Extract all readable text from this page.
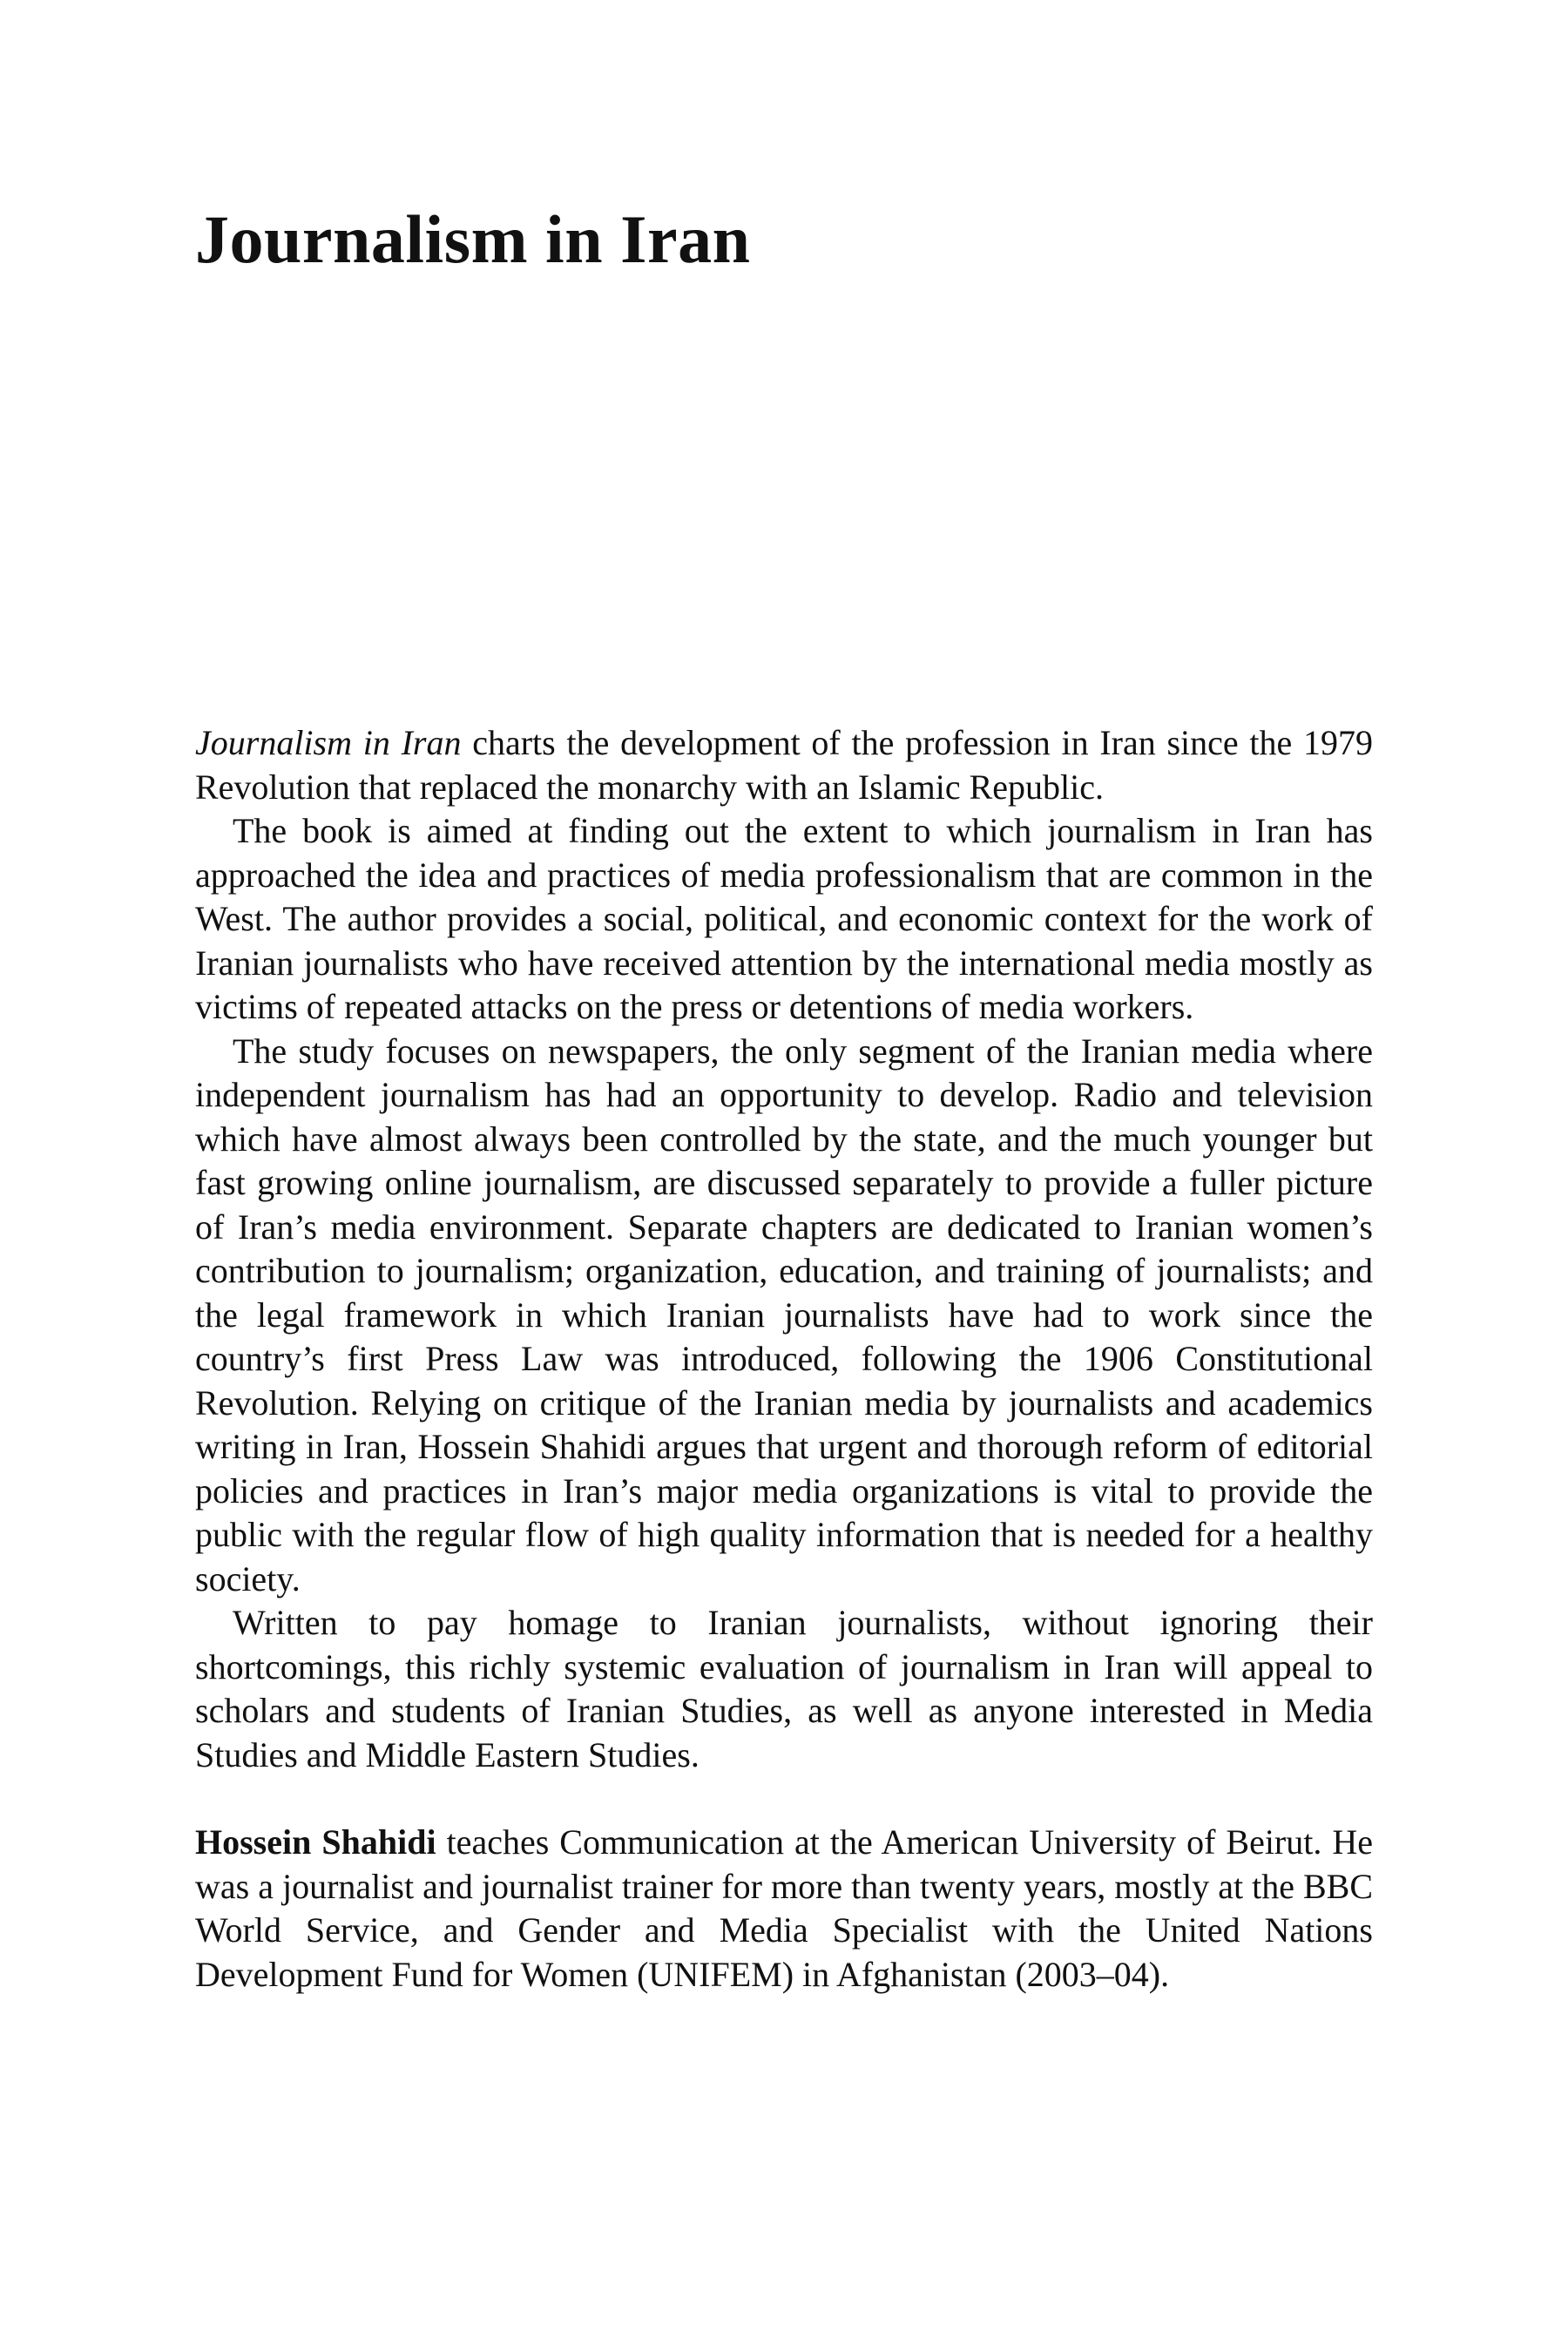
Journalism in Iran

Journalism in Iran charts the development of the profession in Iran since the 1979 Revolution that replaced the monarchy with an Islamic Republic.

The book is aimed at finding out the extent to which journalism in Iran has approached the idea and practices of media professionalism that are common in the West. The author provides a social, political, and economic context for the work of Iranian journalists who have received attention by the international media mostly as victims of repeated attacks on the press or detentions of media workers.

The study focuses on newspapers, the only segment of the Iranian media where independent journalism has had an opportunity to develop. Radio and television which have almost always been controlled by the state, and the much younger but fast growing online journalism, are discussed separately to provide a fuller picture of Iran’s media environment. Separate chapters are dedicated to Iranian women’s contribution to journalism; organization, education, and training of journalists; and the legal framework in which Iranian journalists have had to work since the country’s first Press Law was introduced, following the 1906 Constitutional Revolution. Relying on critique of the Iranian media by journalists and academics writing in Iran, Hossein Shahidi argues that urgent and thorough reform of editorial policies and practices in Iran’s major media organizations is vital to provide the public with the regular flow of high quality information that is needed for a healthy society.

Written to pay homage to Iranian journalists, without ignoring their shortcomings, this richly systemic evaluation of journalism in Iran will appeal to scholars and students of Iranian Studies, as well as anyone interested in Media Studies and Middle Eastern Studies.

Hossein Shahidi teaches Communication at the American University of Beirut. He was a journalist and journalist trainer for more than twenty years, mostly at the BBC World Service, and Gender and Media Specialist with the United Nations Development Fund for Women (UNIFEM) in Afghanistan (2003–04).
